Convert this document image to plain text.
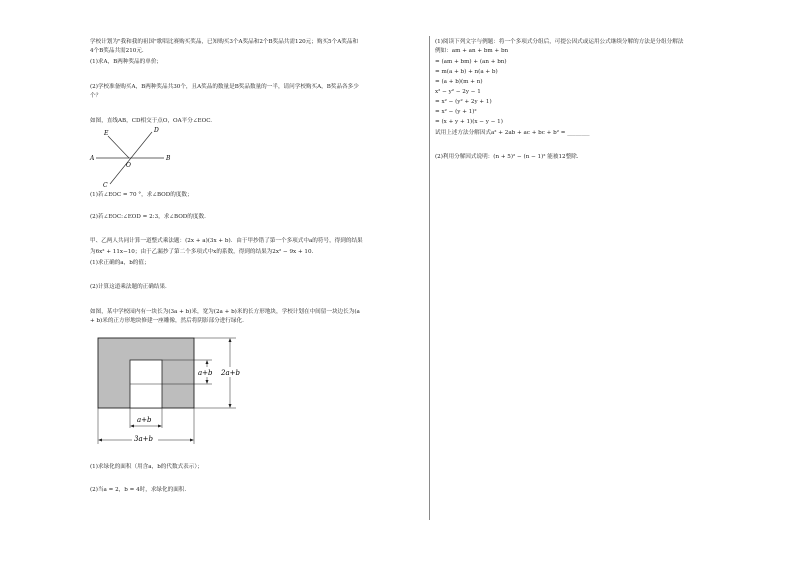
学校计划为"我和我的祖国"歌唱比赛购买奖品，已知购买3个A奖品和2个B奖品共需120元；购买5个A奖品和
4个B奖品共需210元.
(1)求A，B两种奖品的单价；
(2)学校准备购买A，B两种奖品共30个，且A奖品的数量是B奖品数量的一半，请问学校购买A，B奖品各多少
个？
如图，直线AB，CD相交于点O，OA平分∠EOC.
E
C
A
O
B
D
(1)若∠EOC = 70 °，求∠BOD的度数；
(2)若∠EOC:∠EOD = 2:3，求∠BOD的度数.
甲、乙两人共同计算一道整式乘法题：(2x + a)(3x + b)．由于甲抄错了第一个多项式中a的符号，得到的结果
为6x² + 11x−10；由于乙漏抄了第二个多项式中x的系数，得到的结果为2x² − 9x + 10.
(1)求正确的a，b的值；
(2)计算这道乘法题的正确结果.
如图，某中学校园内有一块长为(3a + b)米，宽为(2a + b)米的长方形地块，学校计划在中间留一块边长为(a
+ b)米的正方形地块修建一座雕像，然后将阴影部分进行绿化.
2a+b
a+b
a+b
3a+b
(1)求绿化的面积（用含a，b的代数式表示）；
(2)当a = 2，b = 4时，求绿化的面积.
(1)阅读下列文字与例题：将一个多项式分组后，可提公因式或运用公式继续分解的方法是分组分解法
例如：am + an + bm + bn
= (am + bm) + (an + bn)
= m(a + b) + n(a + b)
= (a + b)(m + n)
x² − y² − 2y − 1
= x² − (y² + 2y + 1)
= x² − (y + 1)²
= (x + y + 1)(x − y − 1)
试用上述方法分解因式a² + 2ab + ac + bc + b² = ________
(2)利用分解因式说明：(n + 5)² − (n − 1)² 能被12整除.
